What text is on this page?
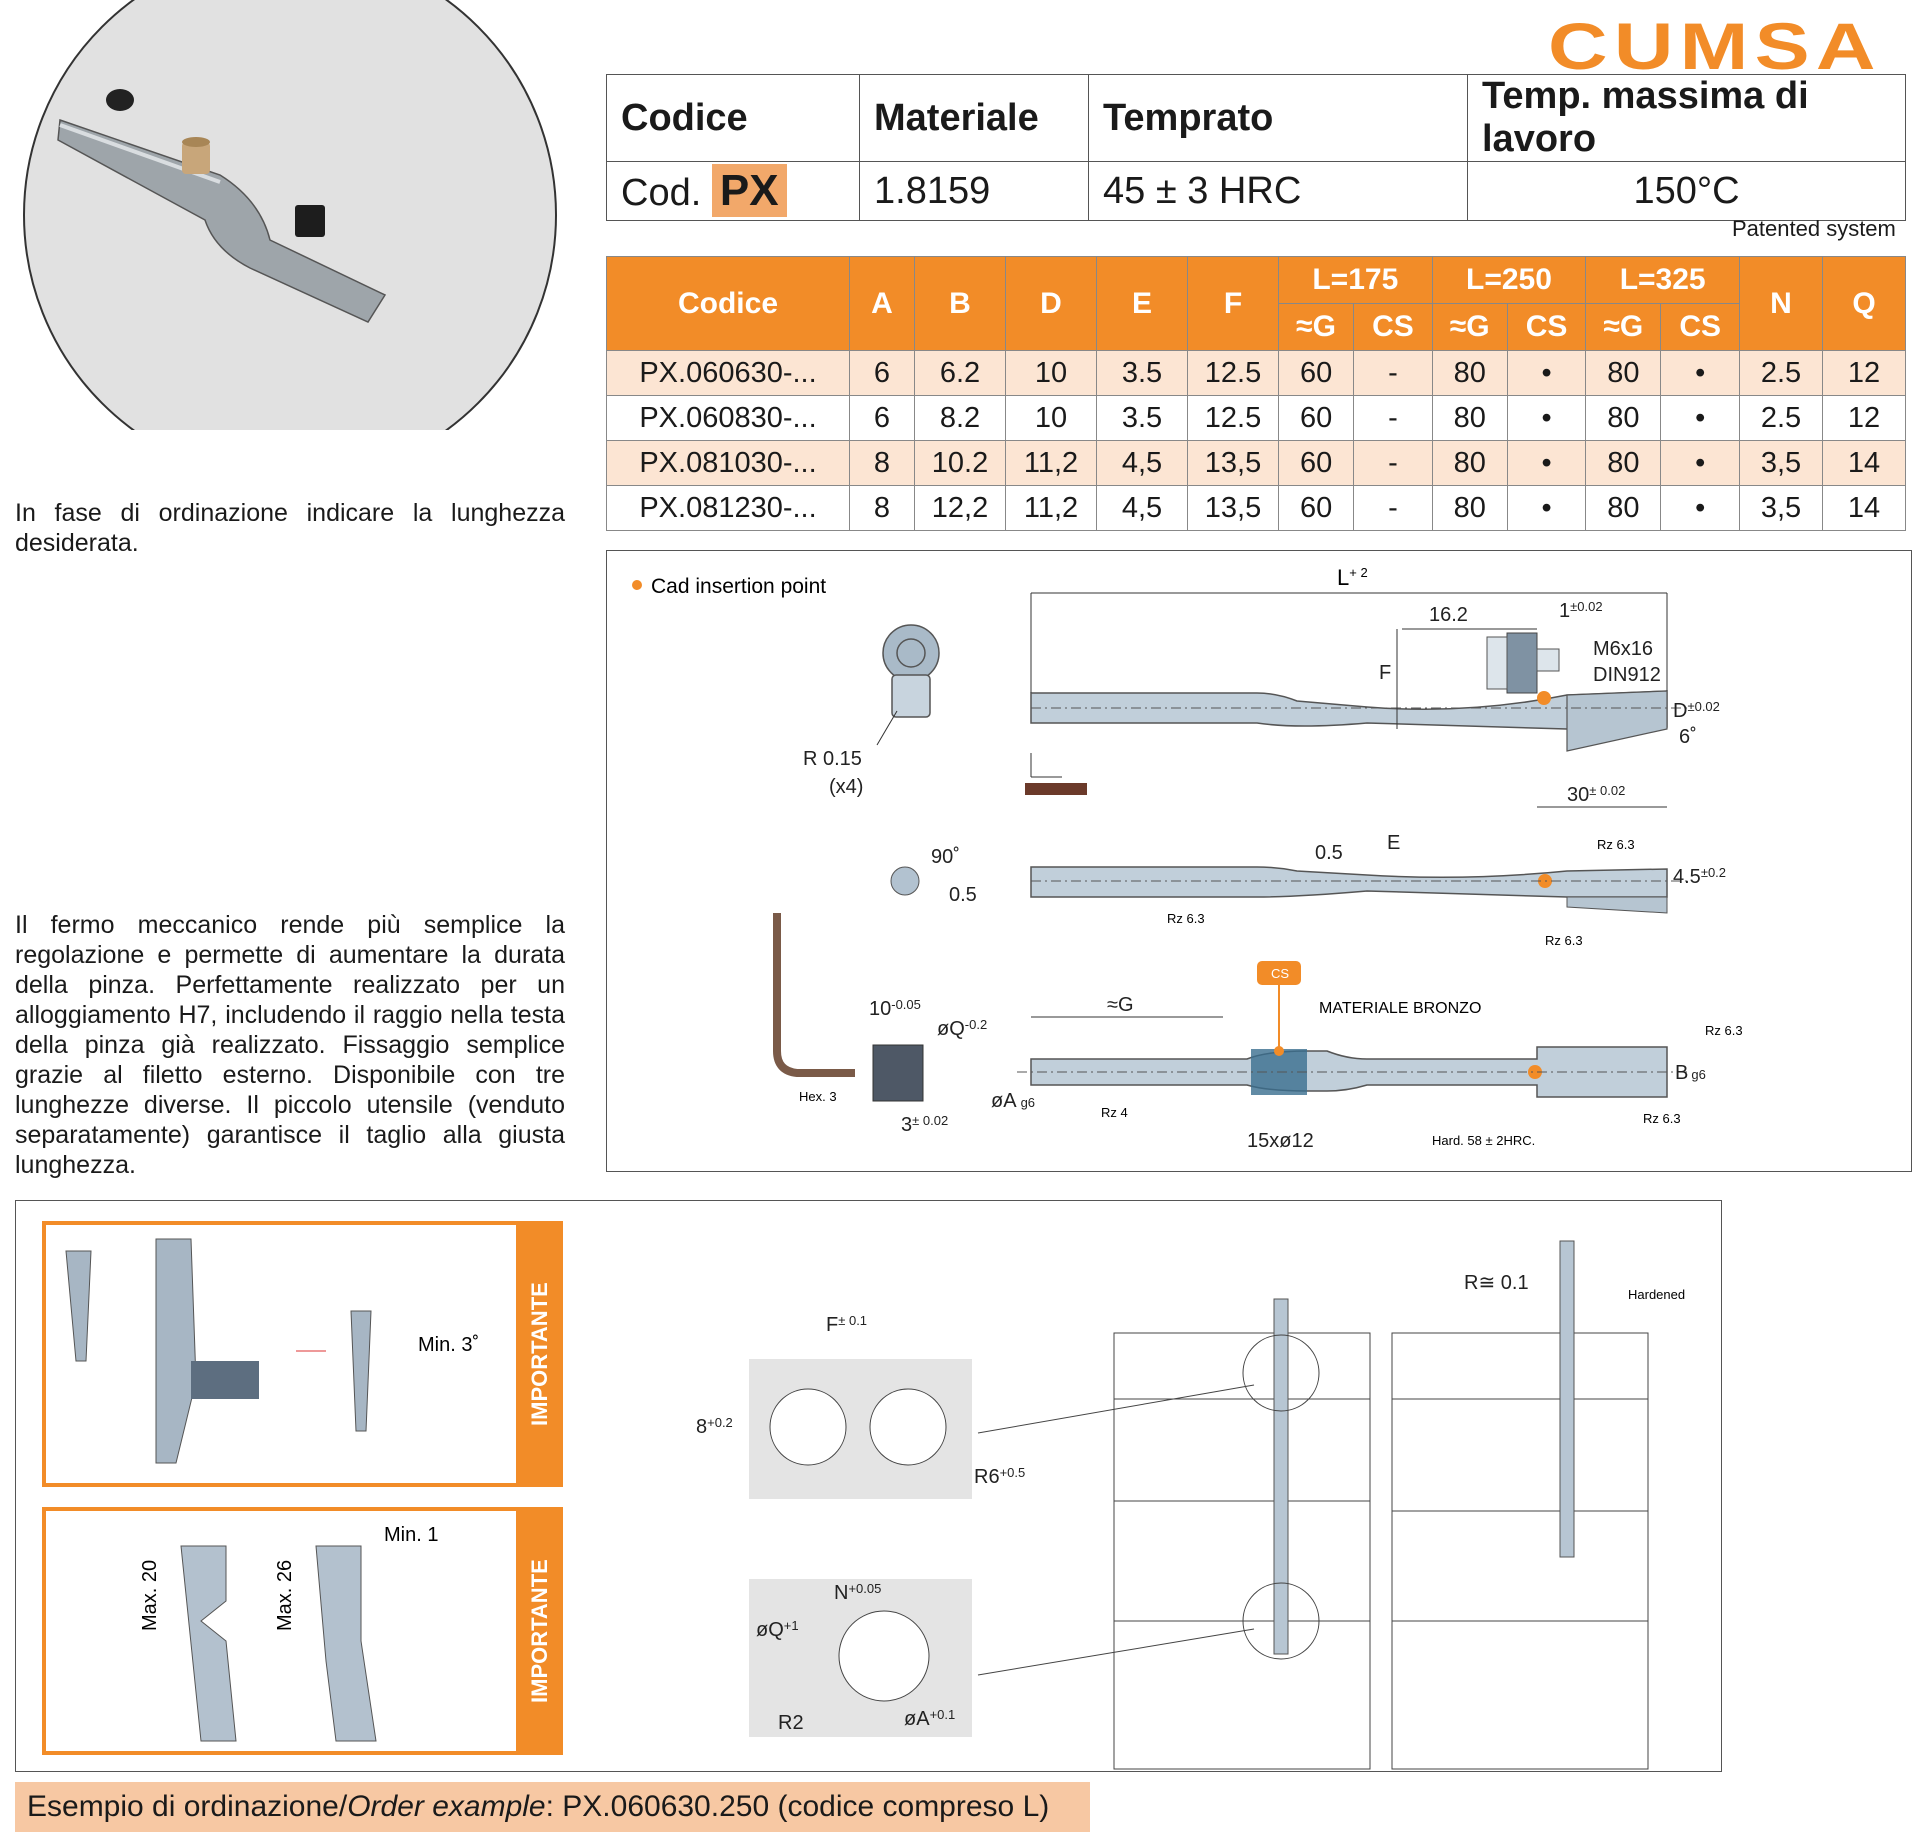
CUMSA
Codice	Materiale	Temprato	Temp. massima di lavoro
Cod. PX	1.8159	45 ± 3 HRC	150°C
Patented system
Codice	A	B	D	E	F	L=175		L=250		L=325		N	Q
						≈G	CS	≈G	CS	≈G	CS		
PX.060630-...	6	6.2	10	3.5	12.5	60	-	80	•	80	•	2.5	12
PX.060830-...	6	8.2	10	3.5	12.5	60	-	80	•	80	•	2.5	12
PX.081030-...	8	10.2	11,2	4,5	13,5	60	-	80	•	80	•	3,5	14
PX.081230-...	8	12,2	11,2	4,5	13,5	60	-	80	•	80	•	3,5	14
In fase di ordinazione indicare la lunghezza desiderata.
Il fermo meccanico rende più semplice la regolazione e permette di aumentare la durata della pinza. Perfettamente realizzato per un alloggiamento H7, includendo il raggio nella testa della pinza già realizzato. Fissaggio semplice grazie al filetto esterno. Disponibile con tre lunghezze diverse. Il piccolo utensile (venduto separatamente) garantisce il taglio alla giusta lunghezza.
Cad insertion point
R 0.15
(x4)
$L^{+ 2}$
16.2	$1^{\pm 0.02}$
M6x16
DIN912
F
$D^{\pm 0.02}$
6˚
90˚
0.5
0.5 E
$30^{\pm 0.02}$
$4.5^{\pm 0.2}$
Rz 6.3
Rz 6.3
Rz 6.3
Hex. 3
$10^{-0.05}$
$øQ^{-0.2}$
$3^{\pm 0.02}$
CS
MATERIALE BRONZO
≈G
øA g6
Bg6
15xø12	Hard. 58 ± 2HRC.
Rz 4
Rz 6.3
Rz 6.3
IMPORTANTE
Min. 3˚
IMPORTANTE
Max. 20	Max. 26
Min. 1
$F^{\pm 0.1}$
$8^{+0.2}$
$R6^{+0.5}$
$N^{+0.05}$
$øQ^{+1}$
R2	$øA^{+0.1}$
R≅ 0.1
Hardened
Esempio di ordinazione/Order example: PX.060630.250 (codice compreso L)
